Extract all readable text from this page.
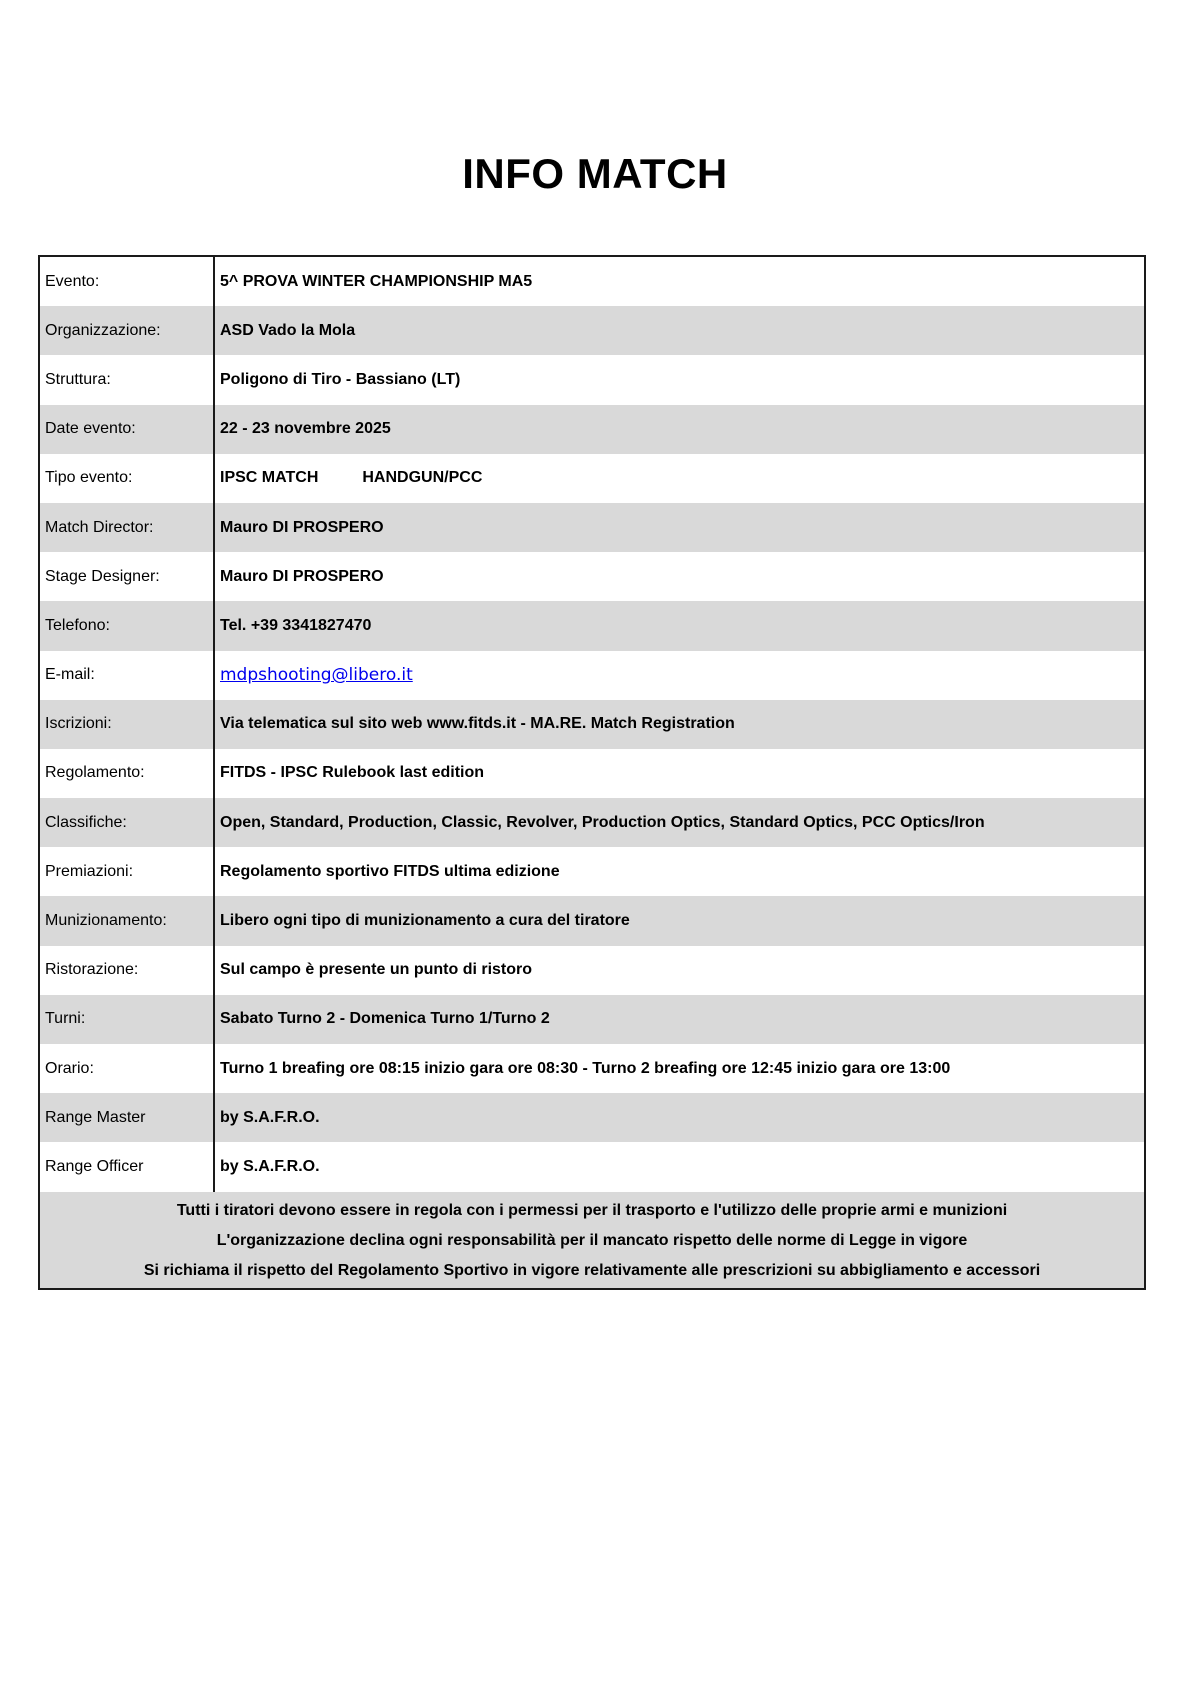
INFO MATCH
Evento:	5^ PROVA WINTER CHAMPIONSHIP MA5
Organizzazione:	ASD Vado la Mola
Struttura:	Poligono di Tiro - Bassiano (LT)
Date evento:	22 - 23 novembre 2025
Tipo evento:	IPSC MATCH	HANDGUN/PCC
Match Director:	Mauro DI PROSPERO
Stage Designer:	Mauro DI PROSPERO
Telefono:	Tel. +39 3341827470
E-mail:	mdpshooting@libero.it
Iscrizioni:	Via telematica sul sito web www.fitds.it - MA.RE. Match Registration
Regolamento:	FITDS - IPSC Rulebook last edition
Classifiche:	Open, Standard, Production, Classic, Revolver, Production Optics, Standard Optics, PCC Optics/Iron
Premiazioni:	Regolamento sportivo FITDS ultima edizione
Munizionamento:	Libero ogni tipo di munizionamento a cura del tiratore
Ristorazione:	Sul campo è presente un punto di ristoro
Turni:	Sabato Turno 2 - Domenica Turno 1/Turno 2
Orario:	Turno 1 breafing ore 08:15 inizio gara ore 08:30 - Turno 2 breafing ore 12:45 inizio gara ore 13:00
Range Master	by S.A.F.R.O.
Range Officer	by S.A.F.R.O.
Tutti i tiratori devono essere in regola con i permessi per il trasporto e l'utilizzo delle proprie armi e munizioni
L'organizzazione declina ogni responsabilità per il mancato rispetto delle norme di Legge in vigore
Si richiama il rispetto del Regolamento Sportivo in vigore relativamente alle prescrizioni su abbigliamento e accessori
